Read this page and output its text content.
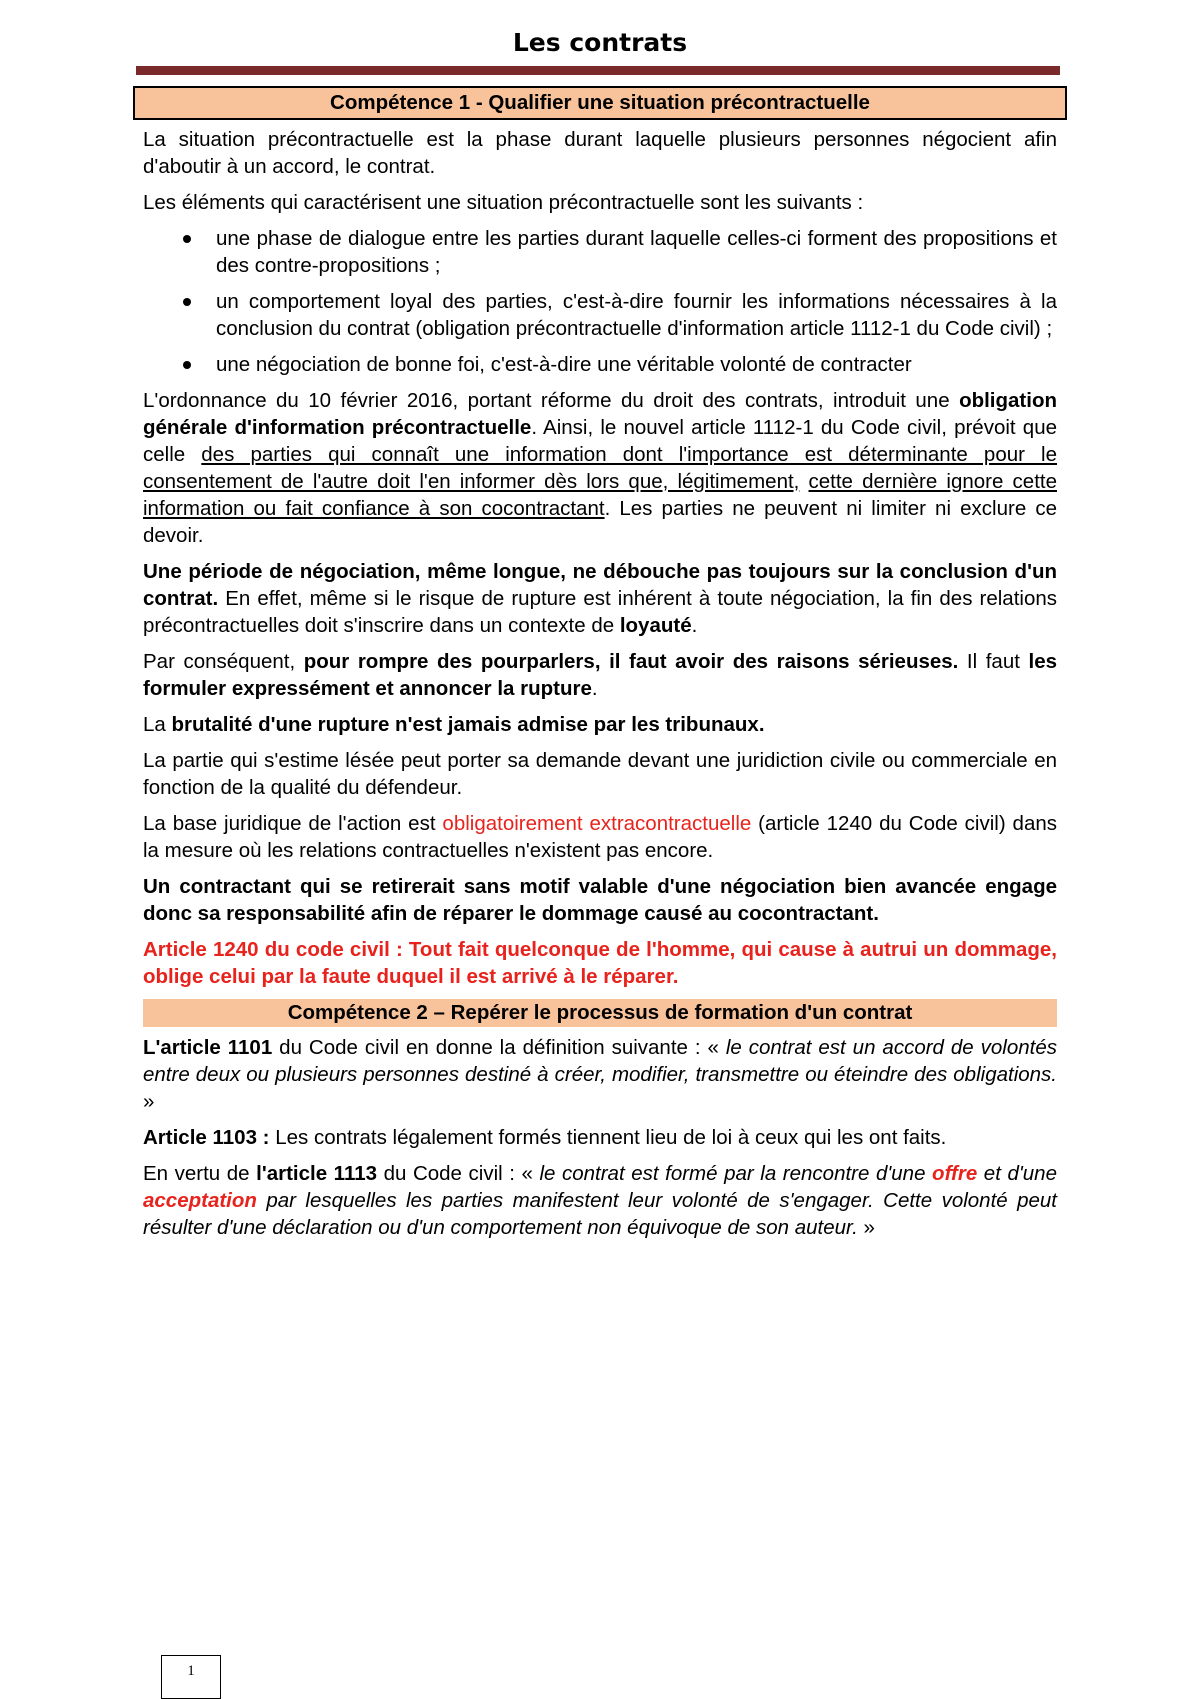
Les contrats
Compétence 1 - Qualifier une situation précontractuelle

La situation précontractuelle est la phase durant laquelle plusieurs personnes négocient afin d'aboutir à un accord, le contrat.

Les éléments qui caractérisent une situation précontractuelle sont les suivants :

une phase de dialogue entre les parties durant laquelle celles-ci forment des propositions et des contre-propositions ;
un comportement loyal des parties, c'est-à-dire fournir les informations nécessaires à la conclusion du contrat (obligation précontractuelle d'information article 1112-1 du Code civil) ;
une négociation de bonne foi, c'est-à-dire une véritable volonté de contracter

L'ordonnance du 10 février 2016, portant réforme du droit des contrats, introduit une obligation générale d'information précontractuelle. Ainsi, le nouvel article 1112-1 du Code civil, prévoit que celle des parties qui connaît une information dont l'importance est déterminante pour le consentement de l'autre doit l'en informer dès lors que, légitimement, cette dernière ignore cette information ou fait confiance à son cocontractant. Les parties ne peuvent ni limiter ni exclure ce devoir.

Une période de négociation, même longue, ne débouche pas toujours sur la conclusion d'un contrat. En effet, même si le risque de rupture est inhérent à toute négociation, la fin des relations précontractuelles doit s'inscrire dans un contexte de loyauté.

Par conséquent, pour rompre des pourparlers, il faut avoir des raisons sérieuses. Il faut les formuler expressément et annoncer la rupture.

La brutalité d'une rupture n'est jamais admise par les tribunaux.

La partie qui s'estime lésée peut porter sa demande devant une juridiction civile ou commerciale en fonction de la qualité du défendeur.

La base juridique de l'action est obligatoirement extracontractuelle (article 1240 du Code civil) dans la mesure où les relations contractuelles n'existent pas encore.

Un contractant qui se retirerait sans motif valable d'une négociation bien avancée engage donc sa responsabilité afin de réparer le dommage causé au cocontractant.

Article 1240 du code civil : Tout fait quelconque de l'homme, qui cause à autrui un dommage, oblige celui par la faute duquel il est arrivé à le réparer.

Compétence 2 – Repérer le processus de formation d'un contrat

L'article 1101 du Code civil en donne la définition suivante : « le contrat est un accord de volontés entre deux ou plusieurs personnes destiné à créer, modifier, transmettre ou éteindre des obligations. »

Article 1103 : Les contrats légalement formés tiennent lieu de loi à ceux qui les ont faits.

En vertu de l'article 1113 du Code civil : « le contrat est formé par la rencontre d'une offre et d'une acceptation par lesquelles les parties manifestent leur volonté de s'engager. Cette volonté peut résulter d'une déclaration ou d'un comportement non équivoque de son auteur. »

1
